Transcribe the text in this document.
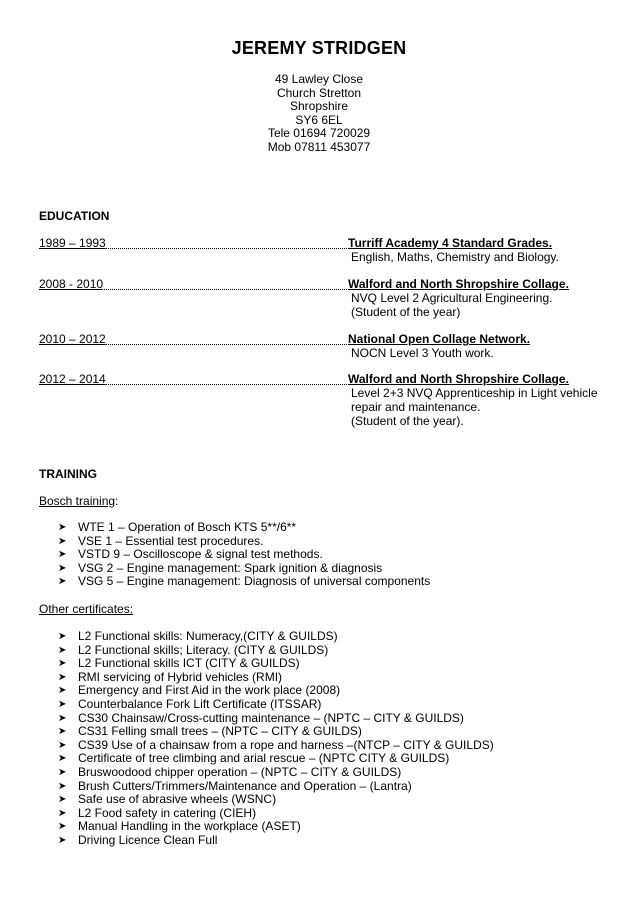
JEREMY STRIDGEN
49 Lawley Close
Church Stretton
Shropshire
SY6 6EL
Tele 01694 720029
Mob 07811 453077
EDUCATION
1989 – 1993	Turriff Academy 4 Standard Grades.
English, Maths, Chemistry and Biology.
2008 - 2010	Walford and North Shropshire Collage.
NVQ Level 2 Agricultural Engineering.
(Student of the year)
2010 – 2012	National Open Collage Network.
NOCN Level 3 Youth work.
2012 – 2014	Walford and North Shropshire Collage.
Level 2+3 NVQ Apprenticeship in Light vehicle repair and maintenance.
(Student of the year).
TRAINING
Bosch training:
➤ WTE 1 – Operation of Bosch KTS 5**/6**
➤ VSE 1 – Essential test procedures.
➤ VSTD 9 – Oscilloscope & signal test methods.
➤ VSG 2 – Engine management: Spark ignition & diagnosis
➤ VSG 5 – Engine management: Diagnosis of universal components
Other certificates:
➤ L2 Functional skills: Numeracy,(CITY & GUILDS)
➤ L2 Functional skills; Literacy. (CITY & GUILDS)
➤ L2 Functional skills ICT (CITY & GUILDS)
➤ RMI servicing of Hybrid vehicles (RMI)
➤ Emergency and First Aid in the work place (2008)
➤ Counterbalance Fork Lift Certificate (ITSSAR)
➤ CS30 Chainsaw/Cross-cutting maintenance – (NPTC – CITY & GUILDS)
➤ CS31 Felling small trees – (NPTC – CITY & GUILDS)
➤ CS39 Use of a chainsaw from a rope and harness –(NTCP – CITY & GUILDS)
➤ Certificate of tree climbing and arial rescue – (NPTC CITY & GUILDS)
➤ Bruswoodood chipper operation – (NPTC – CITY & GUILDS)
➤ Brush Cutters/Trimmers/Maintenance and Operation – (Lantra)
➤ Safe use of abrasive wheels (WSNC)
➤ L2 Food safety in catering (CIEH)
➤ Manual Handling in the workplace (ASET)
➤ Driving Licence Clean Full
